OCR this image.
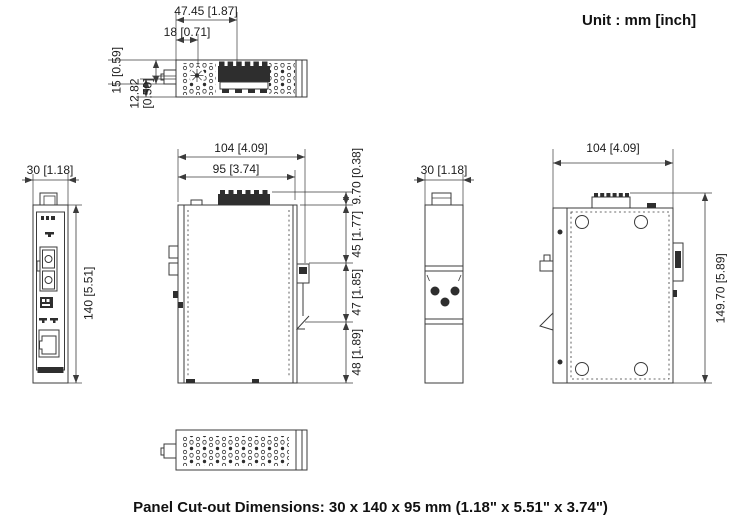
Unit : mm [inch]
47.45 [1.87]
18 [0.71]
15 [0.59] 12.82 [0.50]
30 [1.18]
140 [5.51]
104 [4.09]
95 [3.74]	9.70 [0.38]
45 [1.77]
47 [1.85]
48 [1.89]
30 [1.18]
104 [4.09]
149.70 [5.89]
Panel Cut-out Dimensions: 30 x 140 x 95 mm (1.18" x 5.51" x 3.74")
